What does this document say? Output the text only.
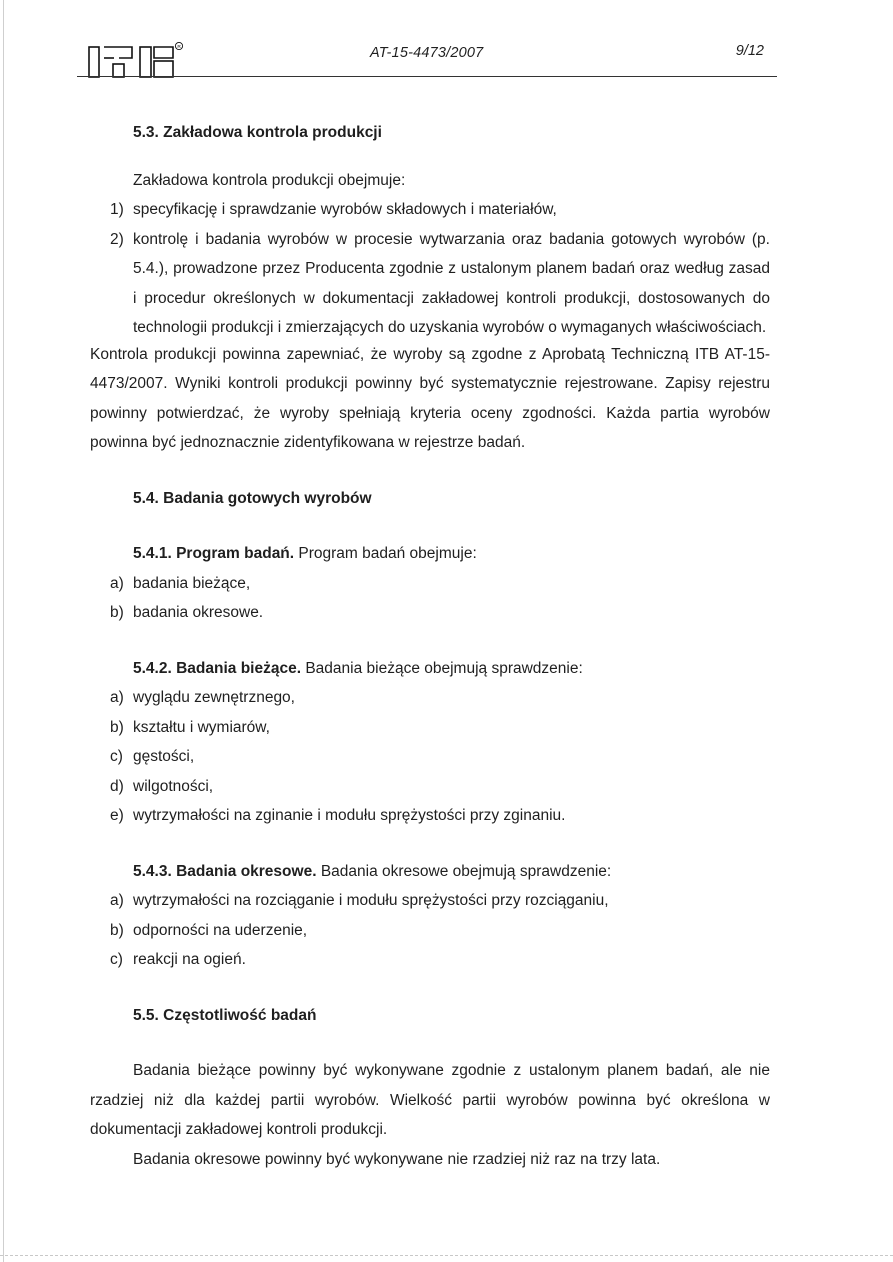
R	AT-15-4473/2007	9/12

5.3. Zakładowa kontrola produkcji

Zakładowa kontrola produkcji obejmuje:

1) specyfikację i sprawdzanie wyrobów składowych i materiałów,
2) kontrolę i badania wyrobów w procesie wytwarzania oraz badania gotowych wyrobów (p. 5.4.), prowadzone przez Producenta zgodnie z ustalonym planem badań oraz według zasad i procedur określonych w dokumentacji zakładowej kontroli produkcji, dostosowanych do technologii produkcji i zmierzających do uzyskania wyrobów o wymaganych właściwościach.

Kontrola produkcji powinna zapewniać, że wyroby są zgodne z Aprobatą Techniczną ITB AT-15-4473/2007. Wyniki kontroli produkcji powinny być systematycznie rejestrowane. Zapisy rejestru powinny potwierdzać, że wyroby spełniają kryteria oceny zgodności. Każda partia wyrobów powinna być jednoznacznie zidentyfikowana w rejestrze badań.

5.4. Badania gotowych wyrobów

5.4.1. Program badań. Program badań obejmuje:

a) badania bieżące,
b) badania okresowe.

5.4.2. Badania bieżące. Badania bieżące obejmują sprawdzenie:

a) wyglądu zewnętrznego,
b) kształtu i wymiarów,
c) gęstości,
d) wilgotności,
e) wytrzymałości na zginanie i modułu sprężystości przy zginaniu.

5.4.3. Badania okresowe. Badania okresowe obejmują sprawdzenie:

a) wytrzymałości na rozciąganie i modułu sprężystości przy rozciąganiu,
b) odporności na uderzenie,
c) reakcji na ogień.

5.5. Częstotliwość badań

Badania bieżące powinny być wykonywane zgodnie z ustalonym planem badań, ale nie rzadziej niż dla każdej partii wyrobów. Wielkość partii wyrobów powinna być określona w dokumentacji zakładowej kontroli produkcji.

Badania okresowe powinny być wykonywane nie rzadziej niż raz na trzy lata.
